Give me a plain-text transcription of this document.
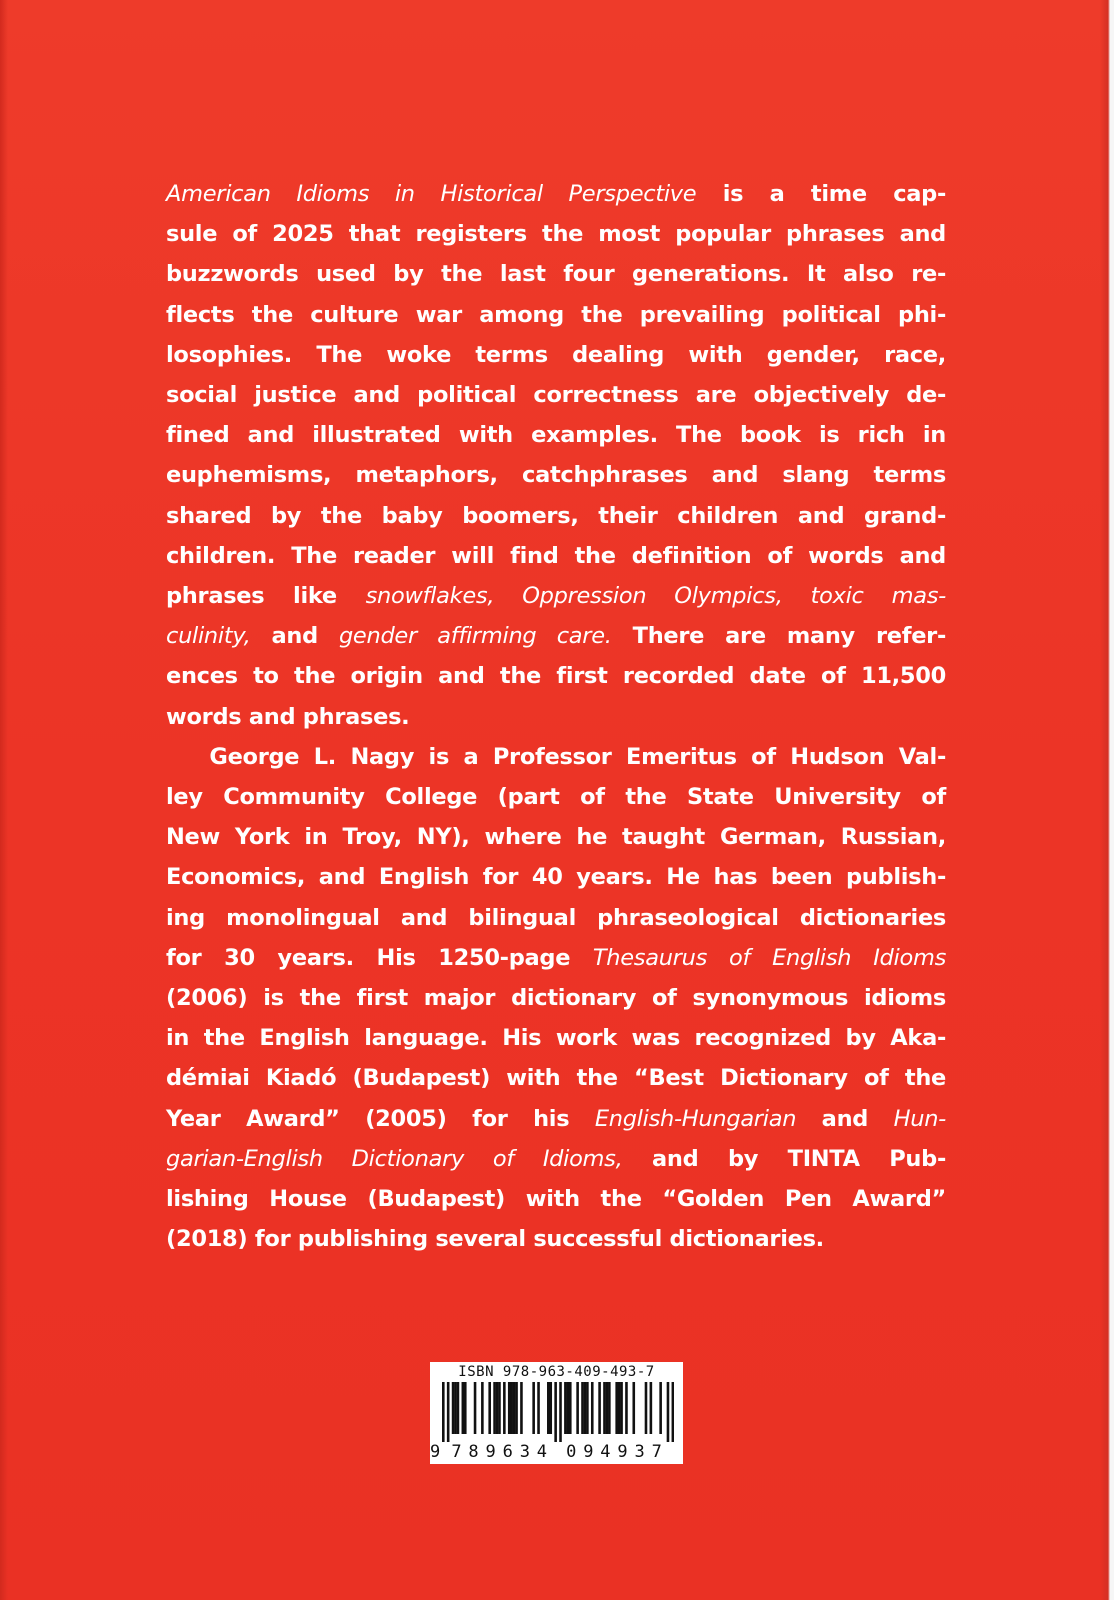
American Idioms in Historical Perspective is a time cap-
sule of 2025 that registers the most popular phrases and
buzzwords used by the last four generations. It also re-
flects the culture war among the prevailing political phi-
losophies. The woke terms dealing with gender, race,
social justice and political correctness are objectively de-
fined and illustrated with examples. The book is rich in
euphemisms, metaphors, catchphrases and slang terms
shared by the baby boomers, their children and grand-
children. The reader will find the definition of words and
phrases like snowflakes, Oppression Olympics, toxic mas-
culinity, and gender affirming care. There are many refer-
ences to the origin and the first recorded date of 11,500
words and phrases.
George L. Nagy is a Professor Emeritus of Hudson Val-
ley Community College (part of the State University of
New York in Troy, NY), where he taught German, Russian,
Economics, and English for 40 years. He has been publish-
ing monolingual and bilingual phraseological dictionaries
for 30 years. His 1250-page Thesaurus of English Idioms
(2006) is the first major dictionary of synonymous idioms
in the English language. His work was recognized by Aka-
démiai Kiadó (Budapest) with the “Best Dictionary of the
Year Award” (2005) for his English-Hungarian and Hun-
garian-English Dictionary of Idioms, and by TINTA Pub-
lishing House (Budapest) with the “Golden Pen Award”
(2018) for publishing several successful dictionaries.
ISBN 978-963-409-493-7
9 7 8 9 6 3 4 0 9 4 9 3 7
